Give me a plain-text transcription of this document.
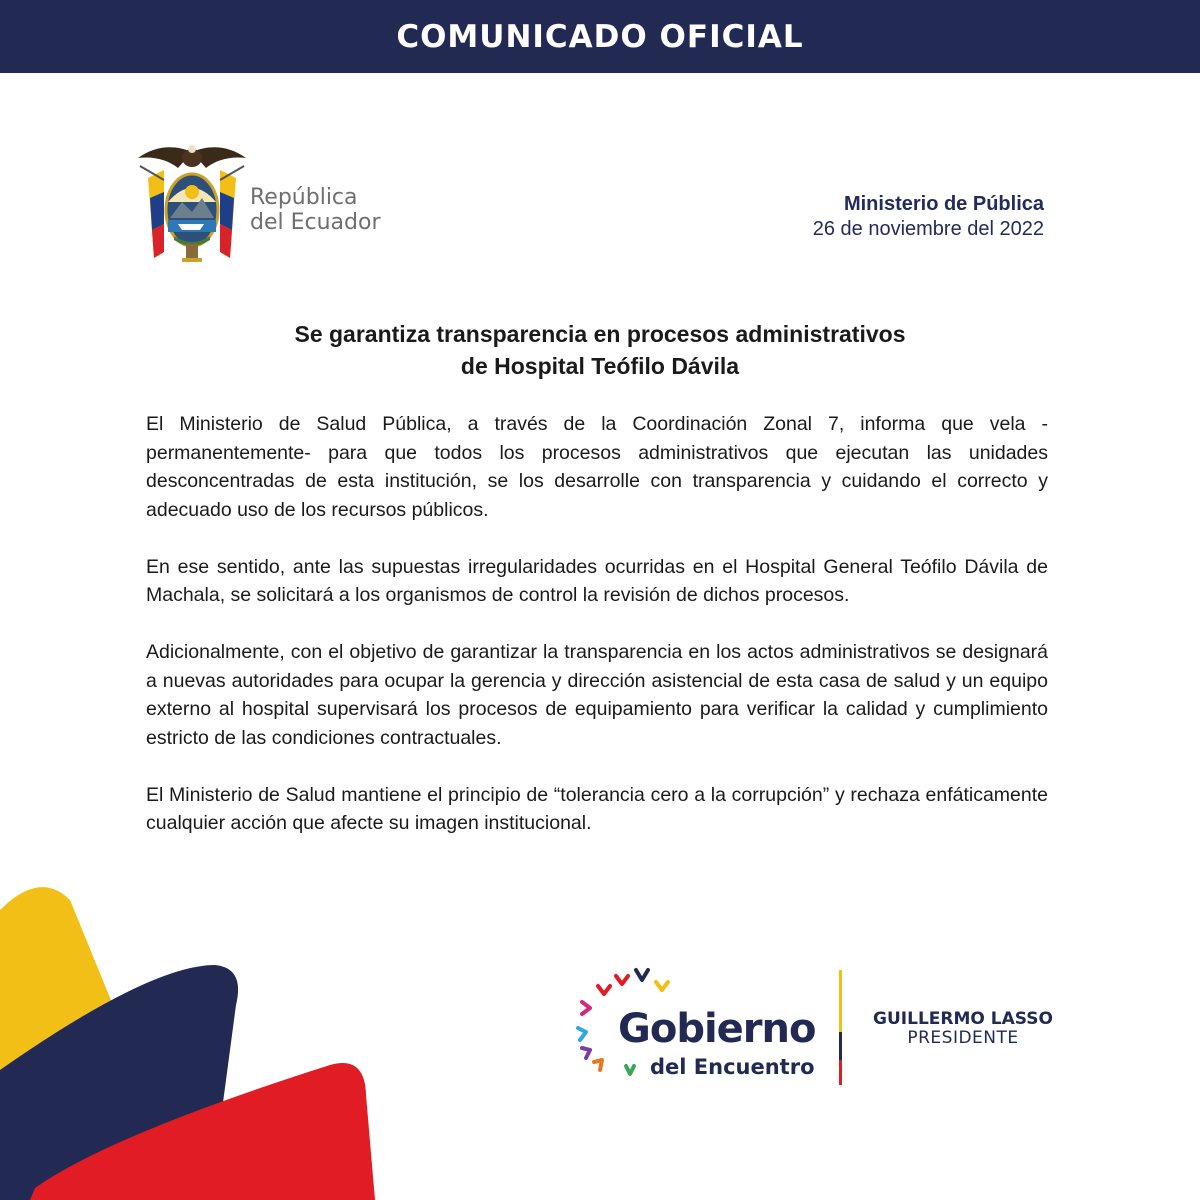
COMUNICADO OFICIAL
República
del Ecuador
Ministerio de Pública
26 de noviembre del 2022
Se garantiza transparencia en procesos administrativos
de Hospital Teófilo Dávila

El Ministerio de Salud Pública, a través de la Coordinación Zonal 7, informa que vela -permanentemente- para que todos los procesos administrativos que ejecutan las unidades desconcentradas de esta institución, se los desarrolle con transparencia y cuidando el correcto y adecuado uso de los recursos públicos.

En ese sentido, ante las supuestas irregularidades ocurridas en el Hospital General Teófilo Dávila de Machala, se solicitará a los organismos de control la revisión de dichos procesos.

Adicionalmente, con el objetivo de garantizar la transparencia en los actos administrativos se designará a nuevas autoridades para ocupar la gerencia y dirección asistencial de esta casa de salud y un equipo externo al hospital supervisará los procesos de equipamiento para verificar la calidad y cumplimiento estricto de las condiciones contractuales.

El Ministerio de Salud mantiene el principio de “tolerancia cero a la corrupción” y rechaza enfáticamente cualquier acción que afecte su imagen institucional.

Gobierno
del Encuentro
GUILLERMO LASSO
PRESIDENTE
